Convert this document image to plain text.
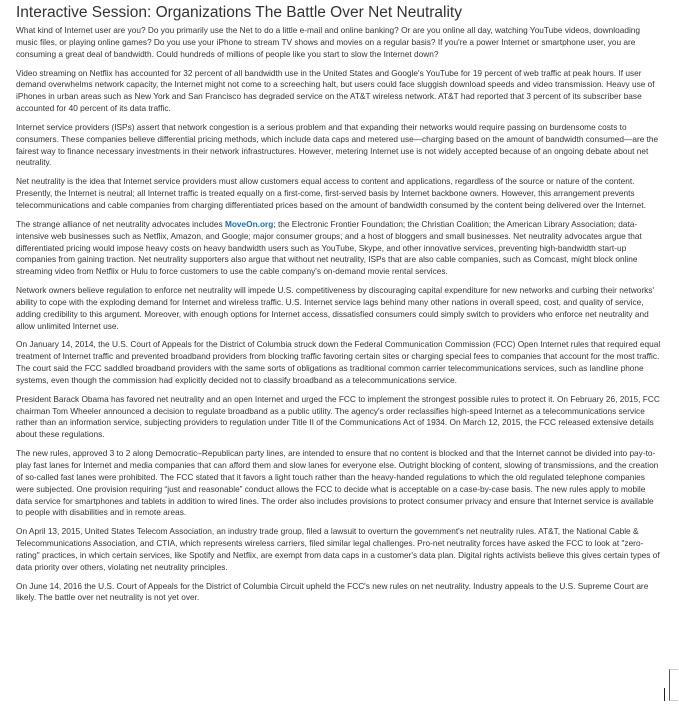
Interactive Session: Organizations The Battle Over Net Neutrality

What kind of Internet user are you? Do you primarily use the Net to do a little e-mail and online banking? Or are you online all day, watching YouTube videos, downloading music files, or playing online games? Do you use your iPhone to stream TV shows and movies on a regular basis? If you're a power Internet or smartphone user, you are consuming a great deal of bandwidth. Could hundreds of millions of people like you start to slow the Internet down?

Video streaming on Netflix has accounted for 32 percent of all bandwidth use in the United States and Google's YouTube for 19 percent of web traffic at peak hours. If user demand overwhelms network capacity, the Internet might not come to a screeching halt, but users could face sluggish download speeds and video transmission. Heavy use of iPhones in urban areas such as New York and San Francisco has degraded service on the AT&T wireless network. AT&T had reported that 3 percent of its subscriber base accounted for 40 percent of its data traffic.

Internet service providers (ISPs) assert that network congestion is a serious problem and that expanding their networks would require passing on burdensome costs to consumers. These companies believe differential pricing methods, which include data caps and metered use—charging based on the amount of bandwidth consumed—are the fairest way to finance necessary investments in their network infrastructures. However, metering Internet use is not widely accepted because of an ongoing debate about net neutrality.

Net neutrality is the idea that Internet service providers must allow customers equal access to content and applications, regardless of the source or nature of the content. Presently, the Internet is neutral; all Internet traffic is treated equally on a first-come, first-served basis by Internet backbone owners. However, this arrangement prevents telecommunications and cable companies from charging differentiated prices based on the amount of bandwidth consumed by the content being delivered over the Internet.

The strange alliance of net neutrality advocates includes MoveOn.org; the Electronic Frontier Foundation; the Christian Coalition; the American Library Association; data-intensive web businesses such as Netflix, Amazon, and Google; major consumer groups; and a host of bloggers and small businesses. Net neutrality advocates argue that differentiated pricing would impose heavy costs on heavy bandwidth users such as YouTube, Skype, and other innovative services, preventing high-bandwidth start-up companies from gaining traction. Net neutrality supporters also argue that without net neutrality, ISPs that are also cable companies, such as Comcast, might block online streaming video from Netflix or Hulu to force customers to use the cable company's on-demand movie rental services.

Network owners believe regulation to enforce net neutrality will impede U.S. competitiveness by discouraging capital expenditure for new networks and curbing their networks' ability to cope with the exploding demand for Internet and wireless traffic. U.S. Internet service lags behind many other nations in overall speed, cost, and quality of service, adding credibility to this argument. Moreover, with enough options for Internet access, dissatisfied consumers could simply switch to providers who enforce net neutrality and allow unlimited Internet use.

On January 14, 2014, the U.S. Court of Appeals for the District of Columbia struck down the Federal Communication Commission (FCC) Open Internet rules that required equal treatment of Internet traffic and prevented broadband providers from blocking traffic favoring certain sites or charging special fees to companies that account for the most traffic. The court said the FCC saddled broadband providers with the same sorts of obligations as traditional common carrier telecommunications services, such as landline phone systems, even though the commission had explicitly decided not to classify broadband as a telecommunications service.

President Barack Obama has favored net neutrality and an open Internet and urged the FCC to implement the strongest possible rules to protect it. On February 26, 2015, FCC chairman Tom Wheeler announced a decision to regulate broadband as a public utility. The agency's order reclassifies high-speed Internet as a telecommunications service rather than an information service, subjecting providers to regulation under Title II of the Communications Act of 1934. On March 12, 2015, the FCC released extensive details about these regulations.

The new rules, approved 3 to 2 along Democratic–Republican party lines, are intended to ensure that no content is blocked and that the Internet cannot be divided into pay-to-play fast lanes for Internet and media companies that can afford them and slow lanes for everyone else. Outright blocking of content, slowing of transmissions, and the creation of so-called fast lanes were prohibited. The FCC stated that it favors a light touch rather than the heavy-handed regulations to which the old regulated telephone companies were subjected. One provision requiring “just and reasonable” conduct allows the FCC to decide what is acceptable on a case-by-case basis. The new rules apply to mobile data service for smartphones and tablets in addition to wired lines. The order also includes provisions to protect consumer privacy and ensure that Internet service is available to people with disabilities and in remote areas.

On April 13, 2015, United States Telecom Association, an industry trade group, filed a lawsuit to overturn the government's net neutrality rules. AT&T, the National Cable & Telecommunications Association, and CTIA, which represents wireless carriers, filed similar legal challenges. Pro-net neutrality forces have asked the FCC to look at "zero-rating" practices, in which certain services, like Spotify and Netflix, are exempt from data caps in a customer's data plan. Digital rights activists believe this gives certain types of data priority over others, violating net neutrality principles.

On June 14, 2016 the U.S. Court of Appeals for the District of Columbia Circuit upheld the FCC's new rules on net neutrality. Industry appeals to the U.S. Supreme Court are likely. The battle over net neutrality is not yet over.
